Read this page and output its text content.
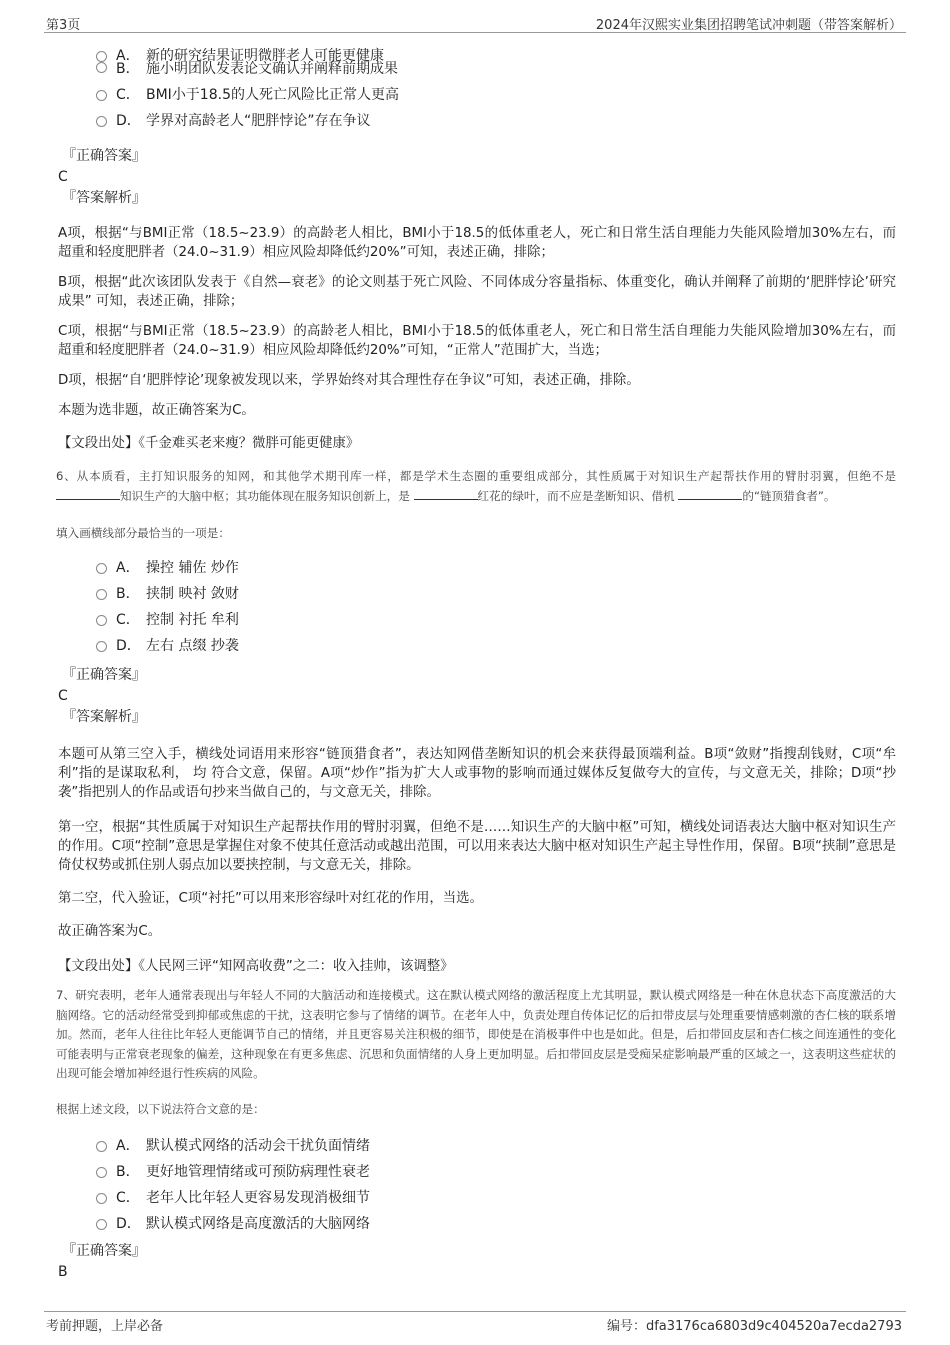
第3页	2024年汉熙实业集团招聘笔试冲刺题（带答案解析）
A． 新的研究结果证明微胖老人可能更健康
B． 施小明团队发表论文确认并阐释前期成果
C． BMI小于18.5的人死亡风险比正常人更高
D． 学界对高龄老人“肥胖悖论”存在争议
『正确答案』
C
『答案解析』

A项，根据“与BMI正常（18.5~23.9）的高龄老人相比，BMI小于18.5的低体重老人，死亡和日常生活自理能力失能风险增加30%左右，而超重和轻度肥胖者（24.0~31.9）相应风险却降低约20%”可知，表述正确，排除；

B项，根据“此次该团队发表于《自然—衰老》的论文则基于死亡风险、不同体成分容量指标、体重变化，确认并阐释了前期的‘肥胖悖论’研究成果” 可知，表述正确，排除；

C项，根据“与BMI正常（18.5~23.9）的高龄老人相比，BMI小于18.5的低体重老人，死亡和日常生活自理能力失能风险增加30%左右，而超重和轻度肥胖者（24.0~31.9）相应风险却降低约20%”可知，“正常人”范围扩大，当选；

D项，根据“自‘肥胖悖论’现象被发现以来，学界始终对其合理性存在争议”可知，表述正确，排除。

本题为选非题，故正确答案为C。

【文段出处】《千金难买老来瘦？微胖可能更健康》

6、从本质看，主打知识服务的知网，和其他学术期刊库一样，都是学术生态圈的重要组成部分，其性质属于对知识生产起帮扶作用的臂肘羽翼，但绝不是 知识生产的大脑中枢；其功能体现在服务知识创新上，是	红花的绿叶，而不应是垄断知识、借机	的“链顶猎食者”。

填入画横线部分最恰当的一项是：

A． 操控 辅佐 炒作
B． 挟制 映衬 敛财
C． 控制 衬托 牟利
D． 左右 点缀 抄袭
『正确答案』
C
『答案解析』

本题可从第三空入手，横线处词语用来形容“链顶猎食者”，表达知网借垄断知识的机会来获得最顶端利益。B项“敛财”指搜刮钱财，C项“牟利”指的是谋取私利， 均 符合文意，保留。A项“炒作”指为扩大人或事物的影响而通过媒体反复做夸大的宣传，与文意无关，排除；D项“抄袭”指把别人的作品或语句抄来当做自己的，与文意无关，排除。

第一空，根据“其性质属于对知识生产起帮扶作用的臂肘羽翼，但绝不是……知识生产的大脑中枢”可知，横线处词语表达大脑中枢对知识生产的作用。C项“控制”意思是掌握住对象不使其任意活动或越出范围，可以用来表达大脑中枢对知识生产起主导性作用，保留。B项“挟制”意思是倚仗权势或抓住别人弱点加以要挟控制，与文意无关，排除。

第二空，代入验证，C项“衬托”可以用来形容绿叶对红花的作用，当选。

故正确答案为C。

【文段出处】《人民网三评“知网高收费”之二：收入挂帅，该调整》

7、研究表明，老年人通常表现出与年轻人不同的大脑活动和连接模式。这在默认模式网络的激活程度上尤其明显，默认模式网络是一种在休息状态下高度激活的大脑网络。它的活动经常受到抑郁或焦虑的干扰，这表明它参与了情绪的调节。在老年人中，负责处理自传体记忆的后扣带皮层与处理重要情感刺激的杏仁核的联系增加。然而，老年人往往比年轻人更能调节自己的情绪，并且更容易关注积极的细节，即使是在消极事件中也是如此。但是，后扣带回皮层和杏仁核之间连通性的变化可能表明与正常衰老现象的偏差，这种现象在有更多焦虑、沉思和负面情绪的人身上更加明显。后扣带回皮层是受痴呆症影响最严重的区域之一，这表明这些症状的出现可能会增加神经退行性疾病的风险。

根据上述文段，以下说法符合文意的是：

A． 默认模式网络的活动会干扰负面情绪
B． 更好地管理情绪或可预防病理性衰老
C． 老年人比年轻人更容易发现消极细节
D． 默认模式网络是高度激活的大脑网络
『正确答案』
B
考前押题，上岸必备	编号：dfa3176ca6803d9c404520a7ecda2793
